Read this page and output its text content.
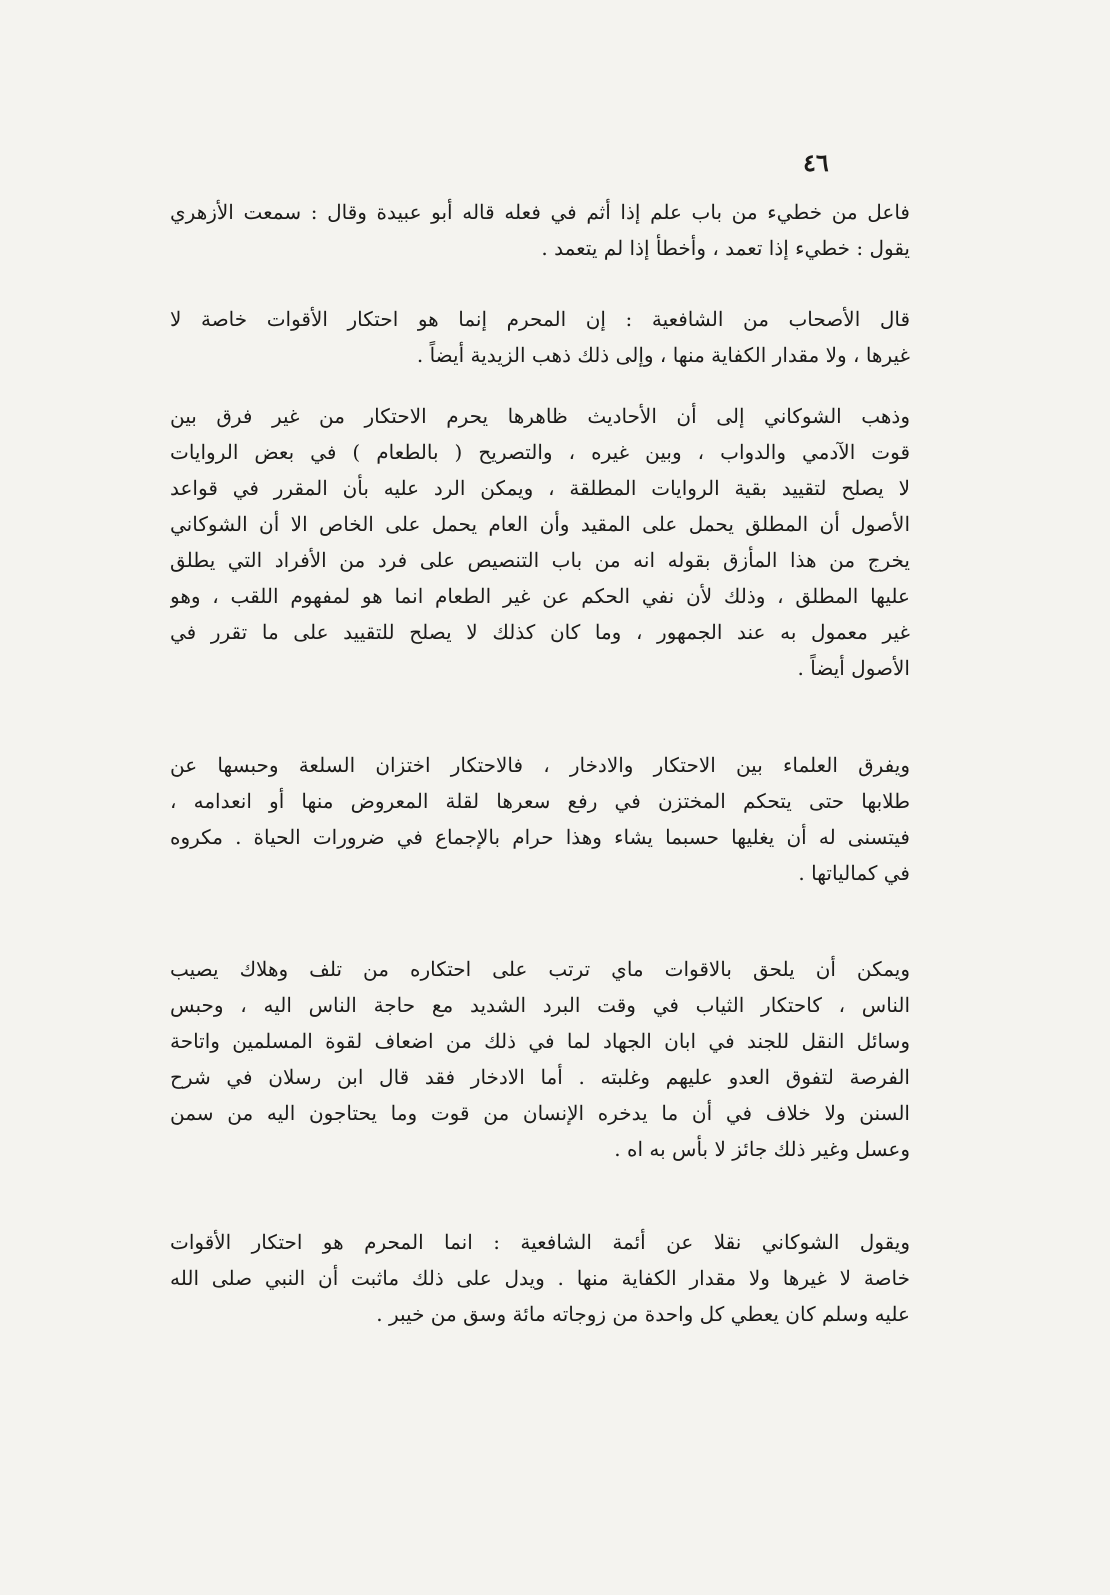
٤٦
فاعل من خطيء من باب علم إذا أثم في فعله قاله أبو عبيدة وقال : سمعت الأزهري
يقول : خطيء إذا تعمد ، وأخطأ إذا لم يتعمد .
قال الأصحاب من الشافعية : إن المحرم إنما هو احتكار الأقوات خاصة لا
غيرها ، ولا مقدار الكفاية منها ، وإلى ذلك ذهب الزيدية أيضاً .
وذهب الشوكاني إلى أن الأحاديث ظاهرها يحرم الاحتكار من غير فرق بين
قوت الآدمي والدواب ، وبين غيره ، والتصريح ( بالطعام ) في بعض الروايات
لا يصلح لتقييد بقية الروايات المطلقة ، ويمكن الرد عليه بأن المقرر في قواعد
الأصول أن المطلق يحمل على المقيد وأن العام يحمل على الخاص الا أن الشوكاني
يخرج من هذا المأزق بقوله انه من باب التنصيص على فرد من الأفراد التي يطلق
عليها المطلق ، وذلك لأن نفي الحكم عن غير الطعام انما هو لمفهوم اللقب ، وهو
غير معمول به عند الجمهور ، وما كان كذلك لا يصلح للتقييد على ما تقرر في
الأصول أيضاً .
ويفرق العلماء بين الاحتكار والادخار ، فالاحتكار اختزان السلعة وحبسها عن
طلابها حتى يتحكم المختزن في رفع سعرها لقلة المعروض منها أو انعدامه ،
فيتسنى له أن يغليها حسبما يشاء وهذا حرام بالإجماع في ضرورات الحياة . مكروه
في كمالياتها .
ويمكن أن يلحق بالاقوات ماي ترتب على احتكاره من تلف وهلاك يصيب
الناس ، كاحتكار الثياب في وقت البرد الشديد مع حاجة الناس اليه ، وحبس
وسائل النقل للجند في ابان الجهاد لما في ذلك من اضعاف لقوة المسلمين واتاحة
الفرصة لتفوق العدو عليهم وغلبته . أما الادخار فقد قال ابن رسلان في شرح
السنن ولا خلاف في أن ما يدخره الإنسان من قوت وما يحتاجون اليه من سمن
وعسل وغير ذلك جائز لا بأس به اه .
ويقول الشوكاني نقلا عن أئمة الشافعية : انما المحرم هو احتكار الأقوات
خاصة لا غيرها ولا مقدار الكفاية منها . ويدل على ذلك ماثبت أن النبي صلى الله
عليه وسلم كان يعطي كل واحدة من زوجاته مائة وسق من خيبر .
